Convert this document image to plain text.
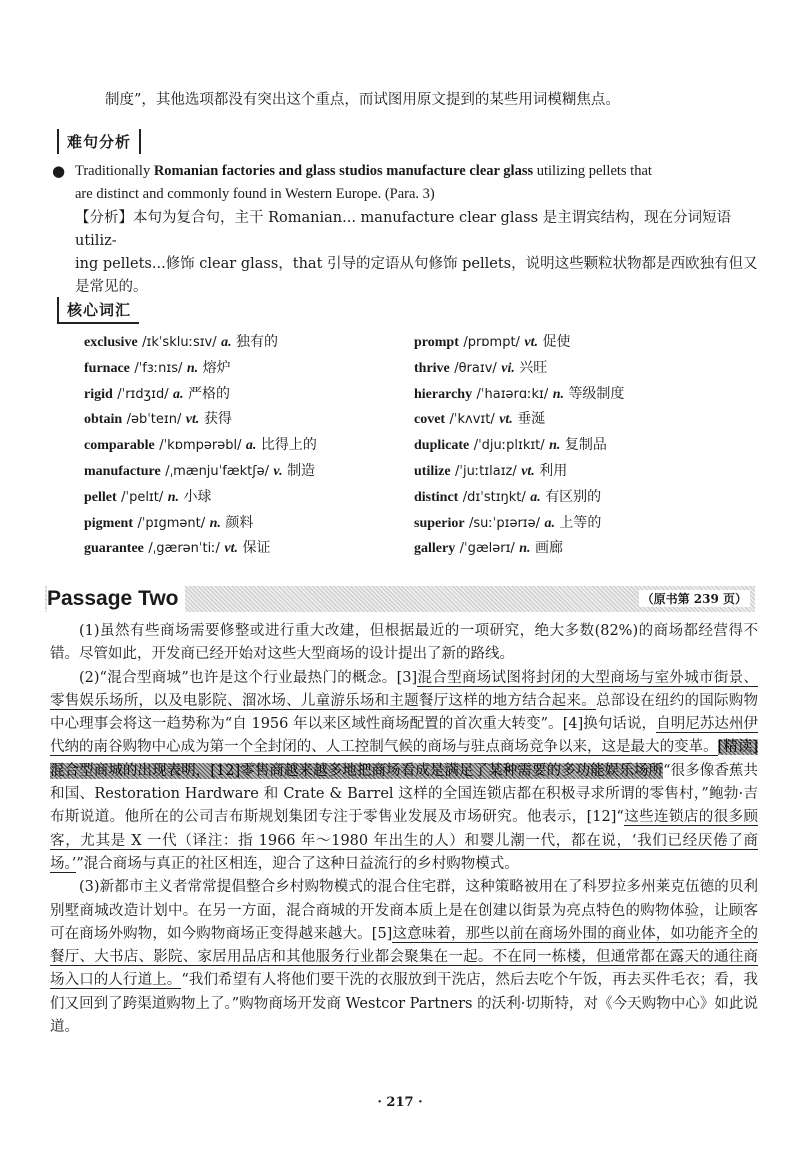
制度”，其他选项都没有突出这个重点，而试图用原文提到的某些用词模糊焦点。
难句分析
● Traditionally Romanian factories and glass studios manufacture clear glass utilizing pellets that
are distinct and commonly found in Western Europe. (Para. 3)
【分析】本句为复合句，主干 Romanian... manufacture clear glass 是主谓宾结构，现在分词短语 utiliz-
ing pellets...修饰 clear glass，that 引导的定语从句修饰 pellets，说明这些颗粒状物都是西欧独有但又
是常见的。
核心词汇
exclusive /ɪkˈskluːsɪv/ a. 独有的
furnace /ˈfɜːnɪs/ n. 熔炉
rigid /ˈrɪdʒɪd/ a. 严格的
obtain /əbˈteɪn/ vt. 获得
comparable /ˈkɒmpərəbl/ a. 比得上的
manufacture /ˌmænjuˈfæktʃə/ v. 制造
pellet /ˈpelɪt/ n. 小球
pigment /ˈpɪgmənt/ n. 颜料
guarantee /ˌgærənˈtiː/ vt. 保证
prompt /prɒmpt/ vt. 促使
thrive /θraɪv/ vi. 兴旺
hierarchy /ˈhaɪərɑːkɪ/ n. 等级制度
covet /ˈkʌvɪt/ vt. 垂涎
duplicate /ˈdjuːplɪkɪt/ n. 复制品
utilize /ˈjuːtɪlaɪz/ vt. 利用
distinct /dɪˈstɪŋkt/ a. 有区别的
superior /suːˈpɪərɪə/ a. 上等的
gallery /ˈgælərɪ/ n. 画廊
Passage Two	（原书第 239 页）

(1)虽然有些商场需要修整或进行重大改建，但根据最近的一项研究，绝大多数(82%)的商场都经营得不错。尽管如此，开发商已经开始对这些大型商场的设计提出了新的路线。

(2)“混合型商城”也许是这个行业最热门的概念。[3]混合型商场试图将封闭的大型商场与室外城市街景、零售娱乐场所，以及电影院、溜冰场、儿童游乐场和主题餐厅这样的地方结合起来。总部设在纽约的国际购物中心理事会将这一趋势称为“自 1956 年以来区域性商场配置的首次重大转变”。[4]换句话说，自明尼苏达州伊代纳的南谷购物中心成为第一个全封闭的、人工控制气候的商场与驻点商场竞争以来，这是最大的变革。[精读] 混合型商城的出现表明，[12]零售商越来越多地把商场看成是满足了某种需要的多功能娱乐场所“很多像香蕉共和国、Restoration Hardware 和 Crate & Barrel 这样的全国连锁店都在积极寻求所谓的零售村，”鲍勃·吉布斯说道。他所在的公司吉布斯规划集团专注于零售业发展及市场研究。他表示，[12]“这些连锁店的很多顾客，尤其是 X 一代（译注：指 1966 年～1980 年出生的人）和婴儿潮一代，都在说，‘我们已经厌倦了商场。’”混合商场与真正的社区相连，迎合了这种日益流行的乡村购物模式。

(3)新都市主义者常常提倡整合乡村购物模式的混合住宅群，这种策略被用在了科罗拉多州莱克伍德的贝利别墅商城改造计划中。在另一方面，混合商城的开发商本质上是在创建以街景为亮点特色的购物体验，让顾客可在商场外购物，如今购物商场正变得越来越大。[5]这意味着，那些以前在商场外围的商业体，如功能齐全的餐厅、大书店、影院、家居用品店和其他服务行业都会聚集在一起。不在同一栋楼，但通常都在露天的通往商场入口的人行道上。“我们希望有人将他们要干洗的衣服放到干洗店，然后去吃个午饭，再去买件毛衣；看，我们又回到了跨渠道购物上了。”购物商场开发商 Westcor Partners 的沃利·切斯特，对《今天购物中心》如此说道。

· 217 ·
